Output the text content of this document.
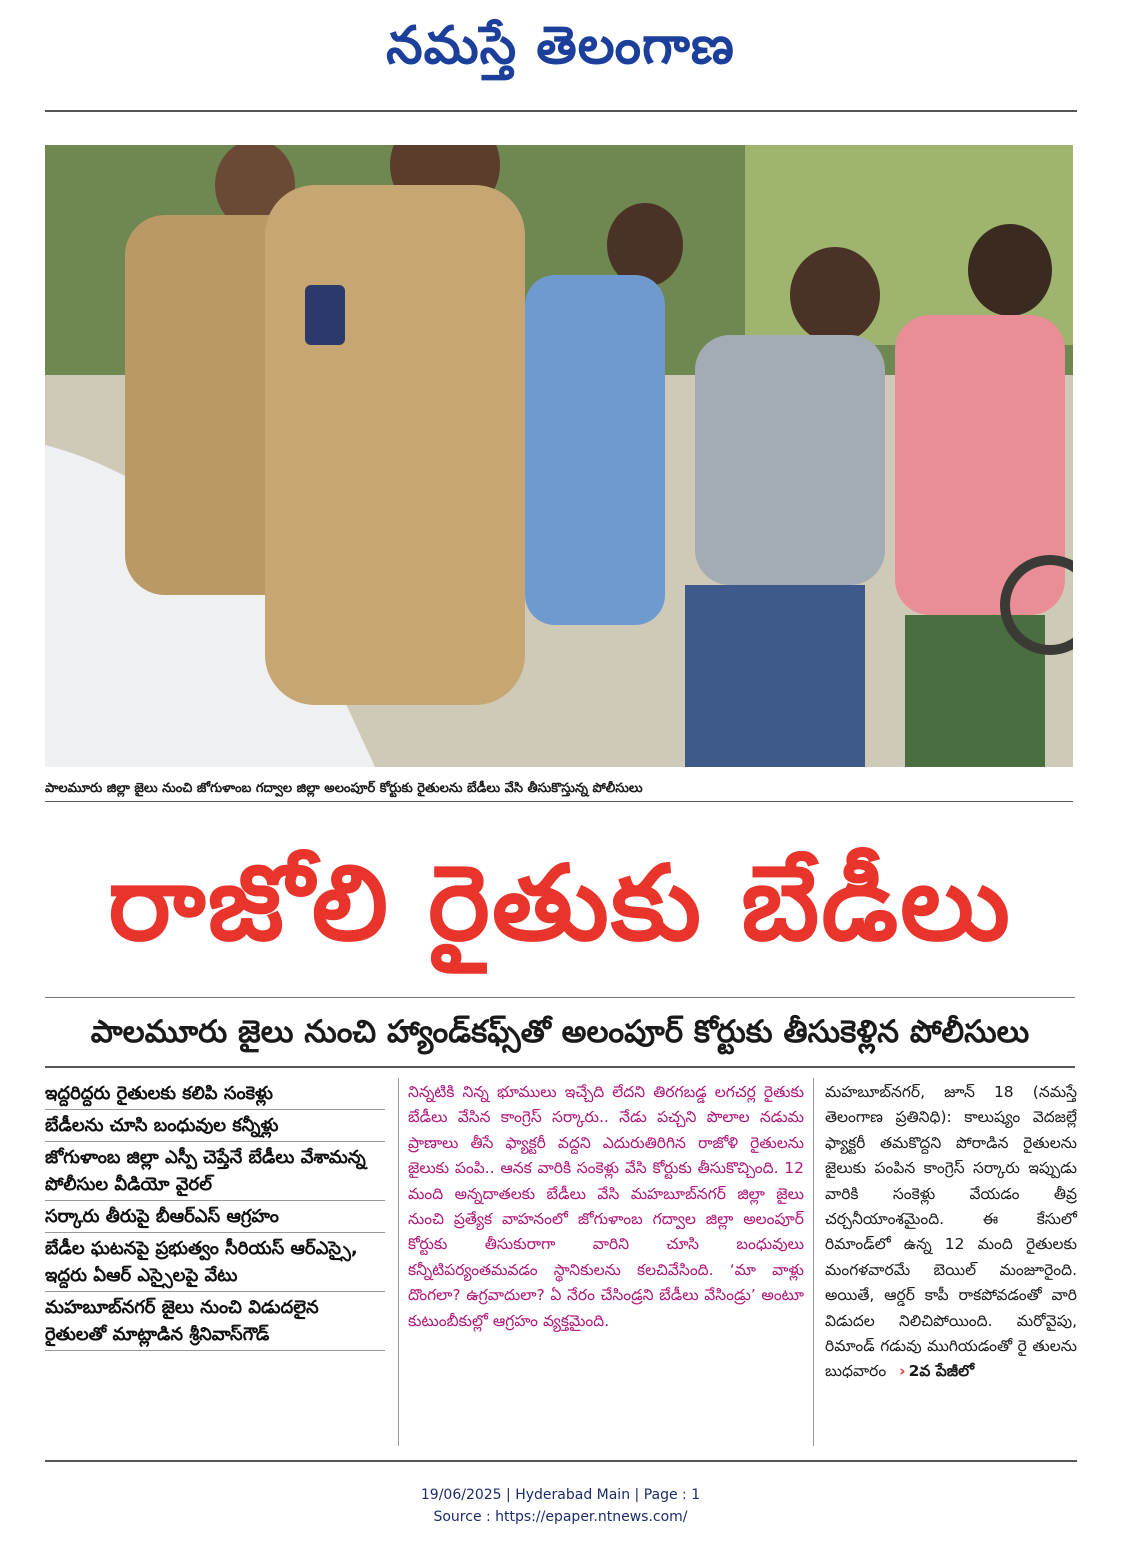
నమస్తే తెలంగాణ
పాలమూరు జిల్లా జైలు నుంచి జోగుళాంబ గద్వాల జిల్లా అలంపూర్ కోర్టుకు రైతులను బేడీలు వేసి తీసుకొస్తున్న పోలీసులు
రాజోలి రైతుకు బేడీలు
పాలమూరు జైలు నుంచి హ్యాండ్‌కఫ్స్‌తో అలంపూర్ కోర్టుకు తీసుకెళ్లిన పోలీసులు
ఇద్దరిద్దరు రైతులకు కలిపి సంకెళ్లు
బేడీలను చూసి బంధువుల కన్నీళ్లు
జోగుళాంబ జిల్లా ఎస్పీ చెప్తేనే బేడీలు వేశామన్న పోలీసుల వీడియో వైరల్
సర్కారు తీరుపై బీఆర్‌ఎస్ ఆగ్రహం
బేడీల ఘటనపై ప్రభుత్వం సీరియస్ ఆర్‌ఎస్సై, ఇద్దరు ఏఆర్ ఎస్సైలపై వేటు
మహబూబ్‌నగర్ జైలు నుంచి విడుదలైన రైతులతో మాట్లాడిన శ్రీనివాస్‌గౌడ్
నిన్నటికి నిన్న భూములు ఇచ్చేది లేదని తిరగబడ్డ లగచర్ల రైతుకు బేడీలు వేసిన కాంగ్రెస్ సర్కారు.. నేడు పచ్చని పొలాల నడుమ ప్రాణాలు తీసే ఫ్యాక్టరీ వద్దని ఎదురుతిరిగిన రాజోళి రైతులను జైలుకు పంపి.. ఆనక వారికి సంకెళ్లు వేసి కోర్టుకు తీసుకొచ్చింది. 12 మంది అన్నదాతలకు బేడీలు వేసి మహబూబ్‌నగర్ జిల్లా జైలు నుంచి ప్రత్యేక వాహనంలో జోగుళాంబ గద్వాల జిల్లా అలంపూర్ కోర్టుకు తీసుకురాగా వారిని చూసి బంధువులు కన్నీటిపర్యంతమవడం స్థానికులను కలచివేసింది. ‘మా వాళ్లు దొంగలా? ఉగ్రవాదులా? ఏ నేరం చేసిండ్రని బేడీలు వేసిండ్రు’ అంటూ కుటుంబీకుల్లో ఆగ్రహం వ్యక్తమైంది.
మహబూబ్‌నగర్, జూన్ 18 (నమస్తే తెలంగాణ ప్రతినిధి): కాలుష్యం వెదజల్లే ఫ్యాక్టరీ తమకొద్దని పోరాడిన రైతులను జైలుకు పంపిన కాంగ్రెస్ సర్కారు ఇప్పుడు వారికి సంకెళ్లు వేయడం తీవ్ర చర్చనీయాంశమైంది. ఈ కేసులో రిమాండ్‌లో ఉన్న 12 మంది రైతులకు మంగళవారమే బెయిల్ మంజూరైంది. అయితే, ఆర్డర్ కాపీ రాకపోవడంతో వారి విడుదల నిలిచిపోయింది. మరోవైపు, రిమాండ్ గడువు ముగియడంతో రై తులను బుధవారం › 2వ పేజీలో
19/06/2025 | Hyderabad Main | Page : 1
Source : https://epaper.ntnews.com/
